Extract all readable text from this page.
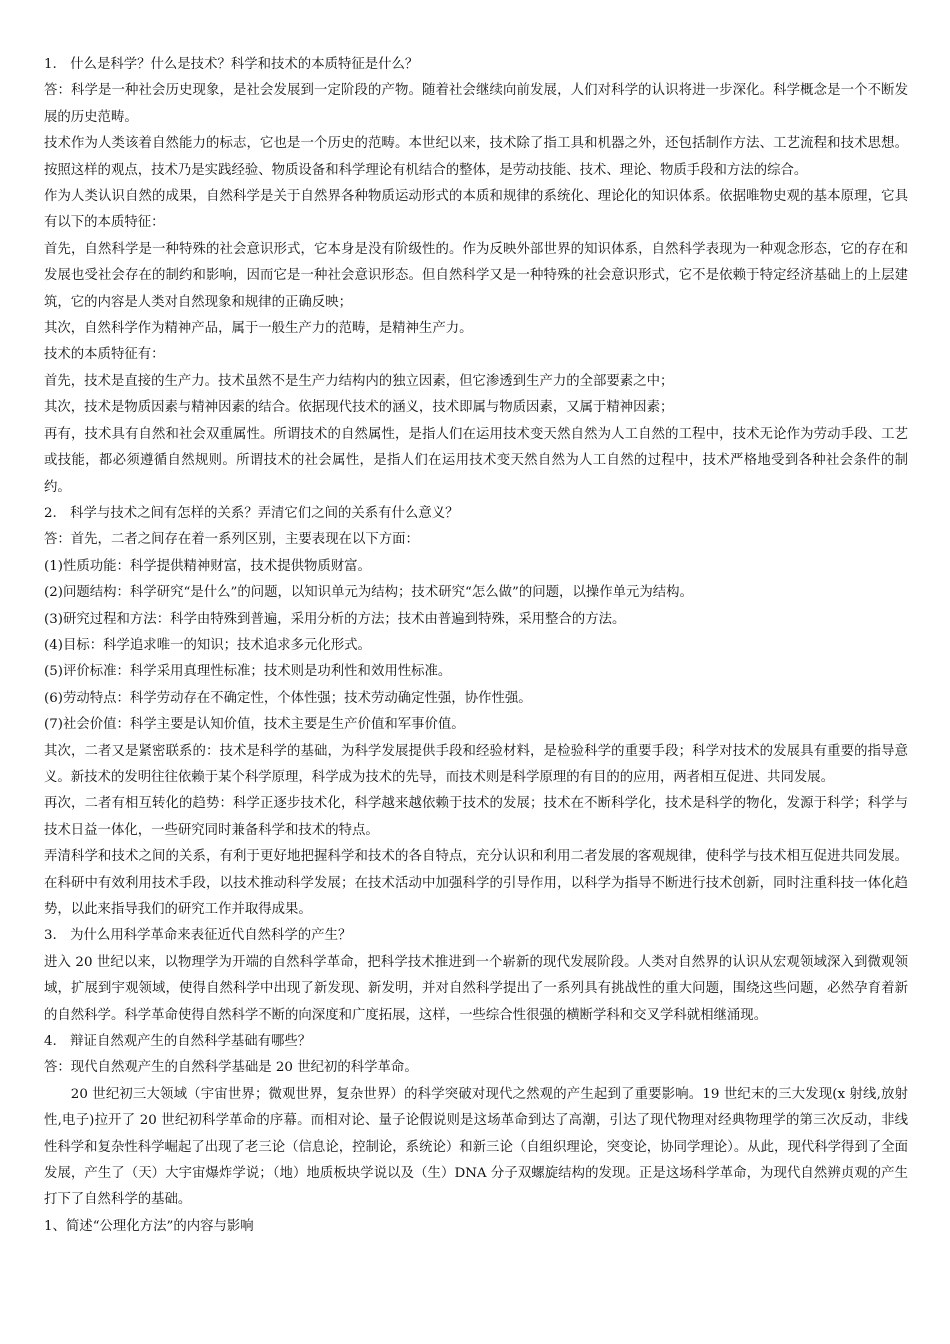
1.　什么是科学？什么是技术？科学和技术的本质特征是什么？

答：科学是一种社会历史现象，是社会发展到一定阶段的产物。随着社会继续向前发展，人们对科学的认识将进一步深化。科学概念是一个不断发展的历史范畴。

技术作为人类该着自然能力的标志，它也是一个历史的范畴。本世纪以来，技术除了指工具和机器之外，还包括制作方法、工艺流程和技术思想。按照这样的观点，技术乃是实践经验、物质设备和科学理论有机结合的整体，是劳动技能、技术、理论、物质手段和方法的综合。

作为人类认识自然的成果，自然科学是关于自然界各种物质运动形式的本质和规律的系统化、理论化的知识体系。依据唯物史观的基本原理，它具有以下的本质特征：

首先，自然科学是一种特殊的社会意识形式，它本身是没有阶级性的。作为反映外部世界的知识体系，自然科学表现为一种观念形态，它的存在和发展也受社会存在的制约和影响，因而它是一种社会意识形态。但自然科学又是一种特殊的社会意识形式，它不是依赖于特定经济基础上的上层建筑，它的内容是人类对自然现象和规律的正确反映；

其次，自然科学作为精神产品，属于一般生产力的范畴，是精神生产力。

技术的本质特征有：

首先，技术是直接的生产力。技术虽然不是生产力结构内的独立因素，但它渗透到生产力的全部要素之中；

其次，技术是物质因素与精神因素的结合。依据现代技术的涵义，技术即属与物质因素，又属于精神因素；

再有，技术具有自然和社会双重属性。所谓技术的自然属性，是指人们在运用技术变天然自然为人工自然的工程中，技术无论作为劳动手段、工艺或技能，都必须遵循自然规则。所谓技术的社会属性，是指人们在运用技术变天然自然为人工自然的过程中，技术严格地受到各种社会条件的制约。

2.　科学与技术之间有怎样的关系？弄清它们之间的关系有什么意义？

答：首先，二者之间存在着一系列区别，主要表现在以下方面：

(1)性质功能：科学提供精神财富，技术提供物质财富。

(2)问题结构：科学研究“是什么”的问题，以知识单元为结构；技术研究“怎么做”的问题，以操作单元为结构。

(3)研究过程和方法：科学由特殊到普遍，采用分析的方法；技术由普遍到特殊，采用整合的方法。

(4)目标：科学追求唯一的知识；技术追求多元化形式。

(5)评价标准：科学采用真理性标准；技术则是功利性和效用性标准。

(6)劳动特点：科学劳动存在不确定性，个体性强；技术劳动确定性强，协作性强。

(7)社会价值：科学主要是认知价值，技术主要是生产价值和军事价值。

其次，二者又是紧密联系的：技术是科学的基础，为科学发展提供手段和经验材料，是检验科学的重要手段；科学对技术的发展具有重要的指导意义。新技术的发明往往依赖于某个科学原理，科学成为技术的先导，而技术则是科学原理的有目的的应用，两者相互促进、共同发展。

再次，二者有相互转化的趋势：科学正逐步技术化，科学越来越依赖于技术的发展；技术在不断科学化，技术是科学的物化，发源于科学；科学与技术日益一体化，一些研究同时兼备科学和技术的特点。

弄清科学和技术之间的关系，有利于更好地把握科学和技术的各自特点，充分认识和利用二者发展的客观规律，使科学与技术相互促进共同发展。在科研中有效利用技术手段，以技术推动科学发展；在技术活动中加强科学的引导作用，以科学为指导不断进行技术创新，同时注重科技一体化趋势，以此来指导我们的研究工作并取得成果。

3.　为什么用科学革命来表征近代自然科学的产生？

进入 20 世纪以来，以物理学为开端的自然科学革命，把科学技术推进到一个崭新的现代发展阶段。人类对自然界的认识从宏观领域深入到微观领域，扩展到宇观领域，使得自然科学中出现了新发现、新发明，并对自然科学提出了一系列具有挑战性的重大问题，围绕这些问题，必然孕育着新的自然科学。科学革命使得自然科学不断的向深度和广度拓展，这样，一些综合性很强的横断学科和交叉学科就相继涌现。

4.　辩证自然观产生的自然科学基础有哪些？

答：现代自然观产生的自然科学基础是 20 世纪初的科学革命。

20 世纪初三大领域（宇宙世界；微观世界，复杂世界）的科学突破对现代之然观的产生起到了重要影响。19 世纪末的三大发现(x 射线,放射性,电子)拉开了 20 世纪初科学革命的序幕。而相对论、量子论假说则是这场革命到达了高潮，引达了现代物理对经典物理学的第三次反动，非线性科学和复杂性科学崛起了出现了老三论（信息论，控制论，系统论）和新三论（自组织理论，突变论，协同学理论）。从此，现代科学得到了全面发展，产生了（天）大宇宙爆炸学说；（地）地质板块学说以及（生）DNA 分子双螺旋结构的发现。正是这场科学革命，为现代自然辨贞观的产生打下了自然科学的基础。

1、简述“公理化方法”的内容与影响
